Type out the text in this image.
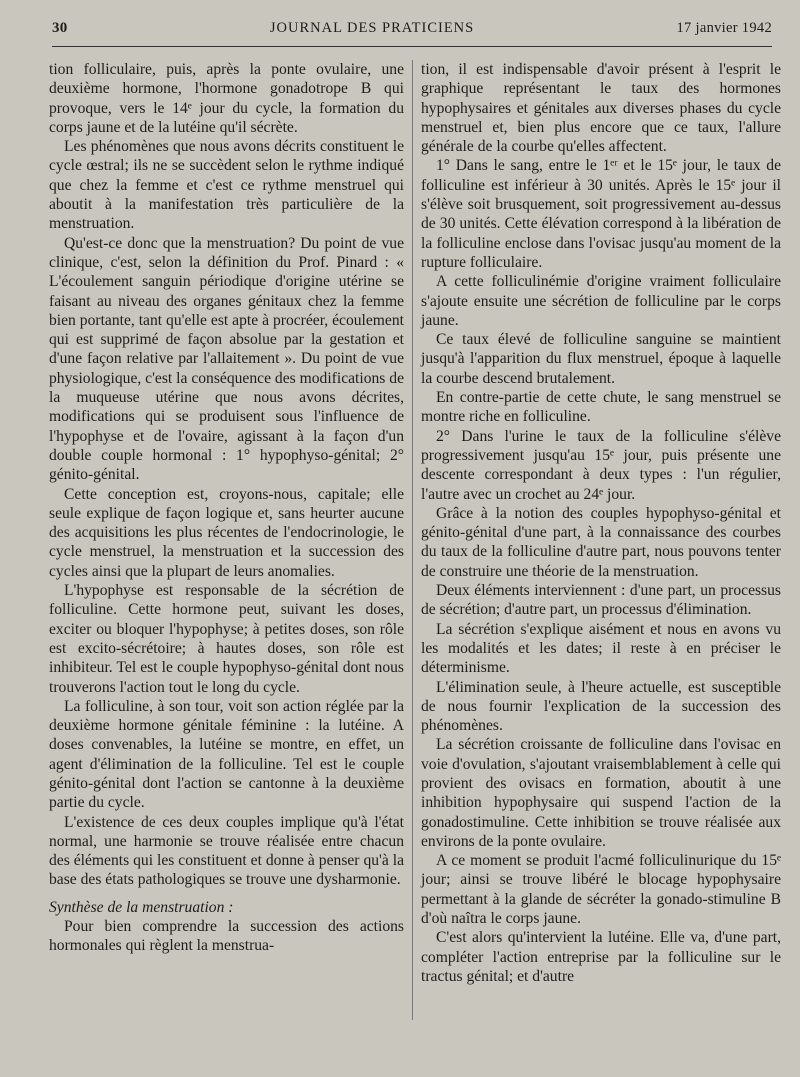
30	JOURNAL DES PRATICIENS	17 janvier 1942

tion folliculaire, puis, après la ponte ovulaire, une deuxième hormone, l'hormone gonadotrope B qui provoque, vers le 14ᵉ jour du cycle, la formation du corps jaune et de la lutéine qu'il sécrète.

Les phénomènes que nous avons décrits constituent le cycle œstral; ils ne se succèdent selon le rythme indiqué que chez la femme et c'est ce rythme menstruel qui aboutit à la manifestation très particulière de la menstruation.

Qu'est-ce donc que la menstruation? Du point de vue clinique, c'est, selon la définition du Prof. Pinard : « L'écoulement sanguin périodique d'origine utérine se faisant au niveau des organes génitaux chez la femme bien portante, tant qu'elle est apte à procréer, écoulement qui est supprimé de façon absolue par la gestation et d'une façon relative par l'allaitement ». Du point de vue physiologique, c'est la conséquence des modifications de la muqueuse utérine que nous avons décrites, modifications qui se produisent sous l'influence de l'hypophyse et de l'ovaire, agissant à la façon d'un double couple hormonal : 1° hypophyso-génital; 2° génito-génital.

Cette conception est, croyons-nous, capitale; elle seule explique de façon logique et, sans heurter aucune des acquisitions les plus récentes de l'endocrinologie, le cycle menstruel, la menstruation et la succession des cycles ainsi que la plupart de leurs anomalies.

L'hypophyse est responsable de la sécrétion de folliculine. Cette hormone peut, suivant les doses, exciter ou bloquer l'hypophyse; à petites doses, son rôle est excito-sécrétoire; à hautes doses, son rôle est inhibiteur. Tel est le couple hypophyso-génital dont nous trouverons l'action tout le long du cycle.

La folliculine, à son tour, voit son action réglée par la deuxième hormone génitale féminine : la lutéine. A doses convenables, la lutéine se montre, en effet, un agent d'élimination de la folliculine. Tel est le couple génito-génital dont l'action se cantonne à la deuxième partie du cycle.

L'existence de ces deux couples implique qu'à l'état normal, une harmonie se trouve réalisée entre chacun des éléments qui les constituent et donne à penser qu'à la base des états pathologiques se trouve une dysharmonie.

Synthèse de la menstruation :

Pour bien comprendre la succession des actions hormonales qui règlent la menstrua-

tion, il est indispensable d'avoir présent à l'esprit le graphique représentant le taux des hormones hypophysaires et génitales aux diverses phases du cycle menstruel et, bien plus encore que ce taux, l'allure générale de la courbe qu'elles affectent.

1° Dans le sang, entre le 1ᵉʳ et le 15ᵉ jour, le taux de folliculine est inférieur à 30 unités. Après le 15ᵉ jour il s'élève soit brusquement, soit progressivement au-dessus de 30 unités. Cette élévation correspond à la libération de la folliculine enclose dans l'ovisac jusqu'au moment de la rupture folliculaire.

A cette folliculinémie d'origine vraiment folliculaire s'ajoute ensuite une sécrétion de folliculine par le corps jaune.

Ce taux élevé de folliculine sanguine se maintient jusqu'à l'apparition du flux menstruel, époque à laquelle la courbe descend brutalement.

En contre-partie de cette chute, le sang menstruel se montre riche en folliculine.

2° Dans l'urine le taux de la folliculine s'élève progressivement jusqu'au 15ᵉ jour, puis présente une descente correspondant à deux types : l'un régulier, l'autre avec un crochet au 24ᵉ jour.

Grâce à la notion des couples hypophyso-génital et génito-génital d'une part, à la connaissance des courbes du taux de la folliculine d'autre part, nous pouvons tenter de construire une théorie de la menstruation.

Deux éléments interviennent : d'une part, un processus de sécrétion; d'autre part, un processus d'élimination.

La sécrétion s'explique aisément et nous en avons vu les modalités et les dates; il reste à en préciser le déterminisme.

L'élimination seule, à l'heure actuelle, est susceptible de nous fournir l'explication de la succession des phénomènes.

La sécrétion croissante de folliculine dans l'ovisac en voie d'ovulation, s'ajoutant vraisemblablement à celle qui provient des ovisacs en formation, aboutit à une inhibition hypophysaire qui suspend l'action de la gonadostimuline. Cette inhibition se trouve réalisée aux environs de la ponte ovulaire.

A ce moment se produit l'acmé folliculinurique du 15ᵉ jour; ainsi se trouve libéré le blocage hypophysaire permettant à la glande de sécréter la gonado-stimuline B d'où naîtra le corps jaune.

C'est alors qu'intervient la lutéine. Elle va, d'une part, compléter l'action entreprise par la folliculine sur le tractus génital; et d'autre
